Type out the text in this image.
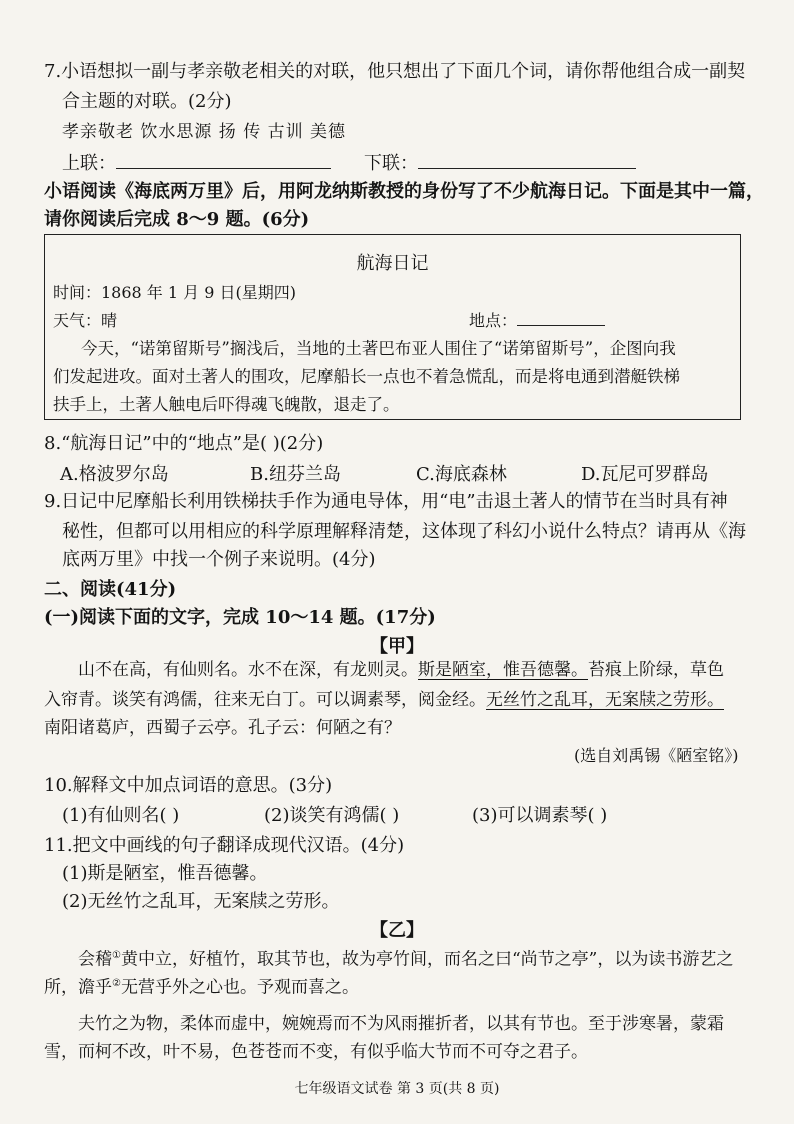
7.小语想拟一副与孝亲敬老相关的对联，他只想出了下面几个词，请你帮他组合成一副契
合主题的对联。(2分)
孝亲敬老 饮水思源 扬 传 古训 美德
上联：	下联：
小语阅读《海底两万里》后，用阿龙纳斯教授的身份写了不少航海日记。下面是其中一篇，
请你阅读后完成 8～9 题。(6分)
航海日记
时间：1868 年 1 月 9 日(星期四)
天气：晴	地点：
今天，“诺第留斯号”搁浅后，当地的土著巴布亚人围住了“诺第留斯号”，企图向我
们发起进攻。面对土著人的围攻，尼摩船长一点也不着急慌乱，而是将电通到潜艇铁梯
扶手上，土著人触电后吓得魂飞魄散，退走了。
8.“航海日记”中的“地点”是( )(2分)
A.格波罗尔岛	B.纽芬兰岛	C.海底森林	D.瓦尼可罗群岛
9.日记中尼摩船长利用铁梯扶手作为通电导体，用“电”击退土著人的情节在当时具有神
秘性，但都可以用相应的科学原理解释清楚，这体现了科幻小说什么特点？请再从《海
底两万里》中找一个例子来说明。(4分)
二、阅读(41分)
(一)阅读下面的文字，完成 10～14 题。(17分)
【甲】
山不在高，有仙则名。水不在深，有龙则灵。斯是陋室，惟吾德馨。苔痕上阶绿，草色
入帘青。谈笑有鸿儒，往来无白丁。可以调素琴，阅金经。无丝竹之乱耳，无案牍之劳形。
南阳诸葛庐，西蜀子云亭。孔子云：何陋之有？
(选自刘禹锡《陋室铭》)
10.解释文中加点词语的意思。(3分)
(1)有仙则名( )	(2)谈笑有鸿儒( )	(3)可以调素琴( )
11.把文中画线的句子翻译成现代汉语。(4分)
(1)斯是陋室，惟吾德馨。
(2)无丝竹之乱耳，无案牍之劳形。
【乙】
会稽①黄中立，好植竹，取其节也，故为亭竹间，而名之曰“尚节之亭”，以为读书游艺之
所，澹乎②无营乎外之心也。予观而喜之。
夫竹之为物，柔体而虚中，婉婉焉而不为风雨摧折者，以其有节也。至于涉寒暑，蒙霜
雪，而柯不改，叶不易，色苍苍而不变，有似乎临大节而不可夺之君子。
七年级语文试卷 第 3 页(共 8 页)
